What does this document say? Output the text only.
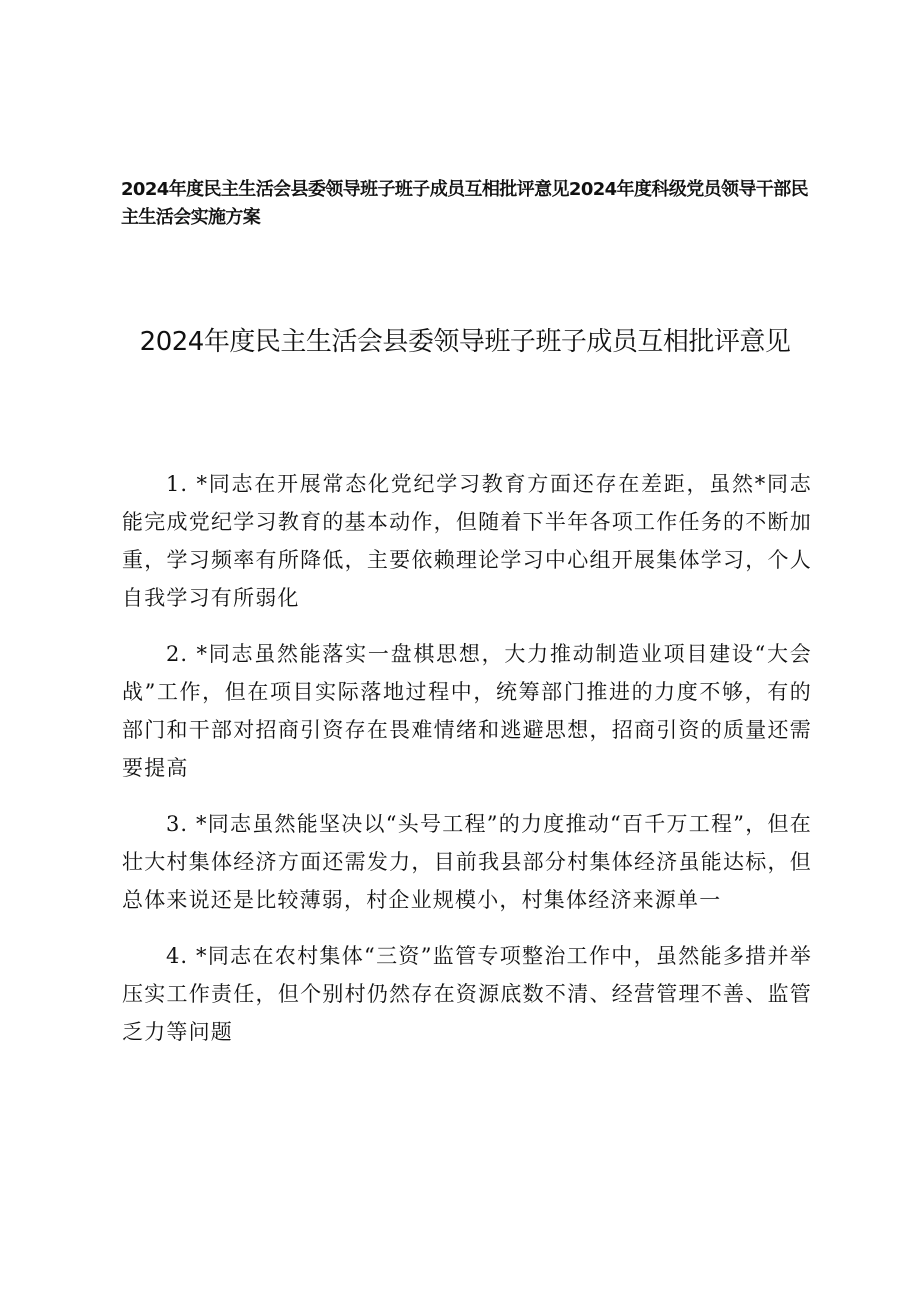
2024年度民主生活会县委领导班子班子成员互相批评意见2024年度科级党员领导干部民主生活会实施方案
2024年度民主生活会县委领导班子班子成员互相批评意见

1. *同志在开展常态化党纪学习教育方面还存在差距，虽然*同志能完成党纪学习教育的基本动作，但随着下半年各项工作任务的不断加重，学习频率有所降低，主要依赖理论学习中心组开展集体学习，个人自我学习有所弱化

2. *同志虽然能落实一盘棋思想，大力推动制造业项目建设“大会战”工作，但在项目实际落地过程中，统筹部门推进的力度不够，有的部门和干部对招商引资存在畏难情绪和逃避思想，招商引资的质量还需要提高

3. *同志虽然能坚决以“头号工程”的力度推动“百千万工程”，但在壮大村集体经济方面还需发力，目前我县部分村集体经济虽能达标，但总体来说还是比较薄弱，村企业规模小，村集体经济来源单一

4. *同志在农村集体“三资”监管专项整治工作中，虽然能多措并举压实工作责任，但个别村仍然存在资源底数不清、经营管理不善、监管乏力等问题
